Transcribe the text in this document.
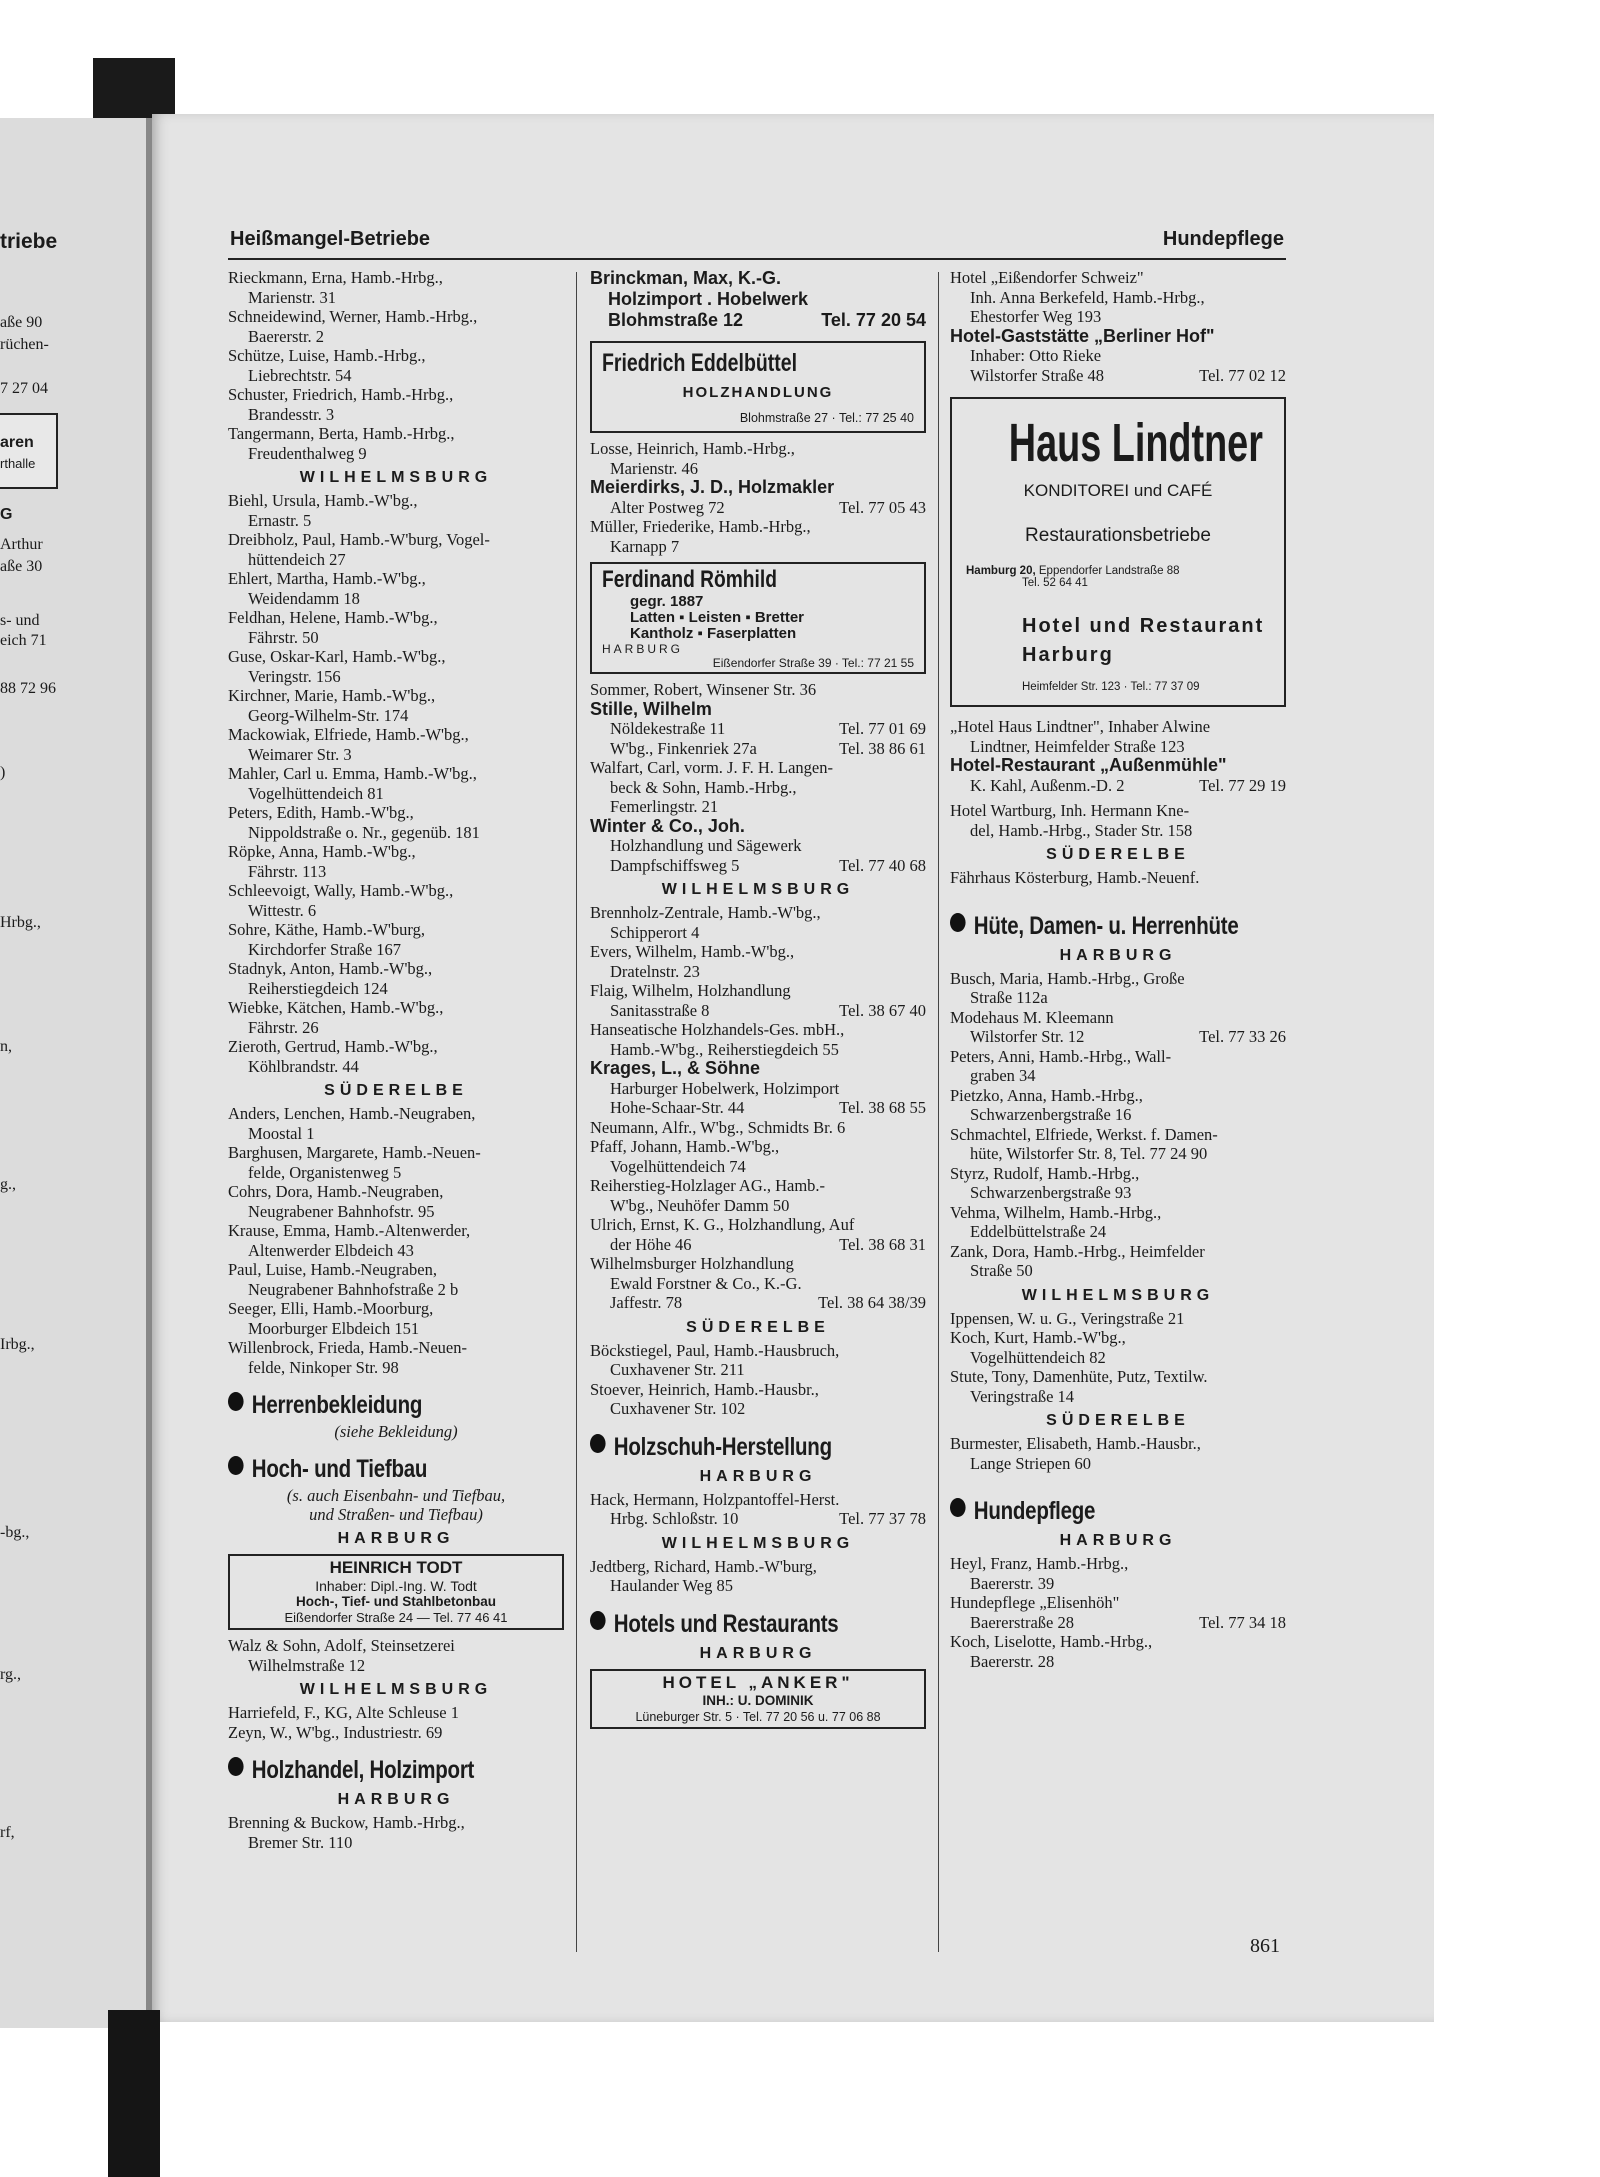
triebe
aße 90
rüchen-
7 27 04
aren
rthalle
G
Arthur
aße 30
s- und
eich 71
88 72 96
)
Hrbg.,
n,
g.,
Irbg.,
-bg.,
rg.,
rf,
Heißmangel-Betriebe	Hundepflege
Rieckmann, Erna, Hamb.-Hrbg.,
Marienstr. 31
Schneidewind, Werner, Hamb.-Hrbg.,
Baererstr. 2
Schütze, Luise, Hamb.-Hrbg.,
Liebrechtstr. 54
Schuster, Friedrich, Hamb.-Hrbg.,
Brandesstr. 3
Tangermann, Berta, Hamb.-Hrbg.,
Freudenthalweg 9
WILHELMSBURG
Biehl, Ursula, Hamb.-W'bg.,
Ernastr. 5
Dreibholz, Paul, Hamb.-W'burg, Vogel-
hüttendeich 27
Ehlert, Martha, Hamb.-W'bg.,
Weidendamm 18
Feldhan, Helene, Hamb.-W'bg.,
Fährstr. 50
Guse, Oskar-Karl, Hamb.-W'bg.,
Veringstr. 156
Kirchner, Marie, Hamb.-W'bg.,
Georg-Wilhelm-Str. 174
Mackowiak, Elfriede, Hamb.-W'bg.,
Weimarer Str. 3
Mahler, Carl u. Emma, Hamb.-W'bg.,
Vogelhüttendeich 81
Peters, Edith, Hamb.-W'bg.,
Nippoldstraße o. Nr., gegenüb. 181
Röpke, Anna, Hamb.-W'bg.,
Fährstr. 113
Schleevoigt, Wally, Hamb.-W'bg.,
Wittestr. 6
Sohre, Käthe, Hamb.-W'burg,
Kirchdorfer Straße 167
Stadnyk, Anton, Hamb.-W'bg.,
Reiherstiegdeich 124
Wiebke, Kätchen, Hamb.-W'bg.,
Fährstr. 26
Zieroth, Gertrud, Hamb.-W'bg.,
Köhlbrandstr. 44
SÜDERELBE
Anders, Lenchen, Hamb.-Neugraben,
Moostal 1
Barghusen, Margarete, Hamb.-Neuen-
felde, Organistenweg 5
Cohrs, Dora, Hamb.-Neugraben,
Neugrabener Bahnhofstr. 95
Krause, Emma, Hamb.-Altenwerder,
Altenwerder Elbdeich 43
Paul, Luise, Hamb.-Neugraben,
Neugrabener Bahnhofstraße 2 b
Seeger, Elli, Hamb.-Moorburg,
Moorburger Elbdeich 151
Willenbrock, Frieda, Hamb.-Neuen-
felde, Ninkoper Str. 98
Herrenbekleidung
(siehe Bekleidung)
Hoch- und Tiefbau
(s. auch Eisenbahn- und Tiefbau,
und Straßen- und Tiefbau)
HARBURG
HEINRICH TODT
Inhaber: Dipl.-Ing. W. Todt
Hoch-, Tief- und Stahlbetonbau
Eißendorfer Straße 24 — Tel. 77 46 41
Walz & Sohn, Adolf, Steinsetzerei
Wilhelmstraße 12
WILHELMSBURG
Harriefeld, F., KG, Alte Schleuse 1
Zeyn, W., W'bg., Industriestr. 69
Holzhandel, Holzimport
HARBURG
Brenning & Buckow, Hamb.-Hrbg.,
Bremer Str. 110
Brinckman, Max, K.-G.
Holzimport . Hobelwerk
Blohmstraße 12	Tel. 77 20 54
Friedrich Eddelbüttel
HOLZHANDLUNG
Blohmstraße 27 · Tel.: 77 25 40
Losse, Heinrich, Hamb.-Hrbg.,
Marienstr. 46
Meierdirks, J. D., Holzmakler
Alter Postweg 72	Tel. 77 05 43
Müller, Friederike, Hamb.-Hrbg.,
Karnapp 7
Ferdinand Römhild
gegr. 1887
Latten ▪ Leisten ▪ Bretter
Kantholz ▪ Faserplatten
HARBURG
Eißendorfer Straße 39 · Tel.: 77 21 55
Sommer, Robert, Winsener Str. 36
Stille, Wilhelm
Nöldekestraße 11	Tel. 77 01 69
W'bg., Finkenriek 27a	Tel. 38 86 61
Walfart, Carl, vorm. J. F. H. Langen-
beck & Sohn, Hamb.-Hrbg.,
Femerlingstr. 21
Winter & Co., Joh.
Holzhandlung und Sägewerk
Dampfschiffsweg 5	Tel. 77 40 68
WILHELMSBURG
Brennholz-Zentrale, Hamb.-W'bg.,
Schipperort 4
Evers, Wilhelm, Hamb.-W'bg.,
Dratelnstr. 23
Flaig, Wilhelm, Holzhandlung
Sanitasstraße 8	Tel. 38 67 40
Hanseatische Holzhandels-Ges. mbH.,
Hamb.-W'bg., Reiherstiegdeich 55
Krages, L., & Söhne
Harburger Hobelwerk, Holzimport
Hohe-Schaar-Str. 44	Tel. 38 68 55
Neumann, Alfr., W'bg., Schmidts Br. 6
Pfaff, Johann, Hamb.-W'bg.,
Vogelhüttendeich 74
Reiherstieg-Holzlager AG., Hamb.-
W'bg., Neuhöfer Damm 50
Ulrich, Ernst, K. G., Holzhandlung, Auf
der Höhe 46	Tel. 38 68 31
Wilhelmsburger Holzhandlung
Ewald Forstner & Co., K.-G.
Jaffestr. 78	Tel. 38 64 38/39
SÜDERELBE
Böckstiegel, Paul, Hamb.-Hausbruch,
Cuxhavener Str. 211
Stoever, Heinrich, Hamb.-Hausbr.,
Cuxhavener Str. 102
Holzschuh-Herstellung
HARBURG
Hack, Hermann, Holzpantoffel-Herst.
Hrbg. Schloßstr. 10	Tel. 77 37 78
WILHELMSBURG
Jedtberg, Richard, Hamb.-W'burg,
Haulander Weg 85
Hotels und Restaurants
HARBURG
HOTEL „ANKER"
INH.: U. DOMINIK
Lüneburger Str. 5 · Tel. 77 20 56 u. 77 06 88
Hotel „Eißendorfer Schweiz"
Inh. Anna Berkefeld, Hamb.-Hrbg.,
Ehestorfer Weg 193
Hotel-Gaststätte „Berliner Hof"
Inhaber: Otto Rieke
Wilstorfer Straße 48	Tel. 77 02 12
Haus Lindtner
KONDITOREI und CAFÉ
Restaurationsbetriebe
Hamburg 20, Eppendorfer Landstraße 88
Tel. 52 64 41
Hotel und Restaurant
Harburg
Heimfelder Str. 123 · Tel.: 77 37 09
„Hotel Haus Lindtner", Inhaber Alwine
Lindtner, Heimfelder Straße 123
Hotel-Restaurant „Außenmühle"
K. Kahl, Außenm.-D. 2	Tel. 77 29 19
Hotel Wartburg, Inh. Hermann Kne-
del, Hamb.-Hrbg., Stader Str. 158
SÜDERELBE
Fährhaus Kösterburg, Hamb.-Neuenf.
Hüte, Damen- u. Herrenhüte
HARBURG
Busch, Maria, Hamb.-Hrbg., Große
Straße 112a
Modehaus M. Kleemann
Wilstorfer Str. 12	Tel. 77 33 26
Peters, Anni, Hamb.-Hrbg., Wall-
graben 34
Pietzko, Anna, Hamb.-Hrbg.,
Schwarzenbergstraße 16
Schmachtel, Elfriede, Werkst. f. Damen-
hüte, Wilstorfer Str. 8, Tel. 77 24 90
Styrz, Rudolf, Hamb.-Hrbg.,
Schwarzenbergstraße 93
Vehma, Wilhelm, Hamb.-Hrbg.,
Eddelbüttelstraße 24
Zank, Dora, Hamb.-Hrbg., Heimfelder
Straße 50
WILHELMSBURG
Ippensen, W. u. G., Veringstraße 21
Koch, Kurt, Hamb.-W'bg.,
Vogelhüttendeich 82
Stute, Tony, Damenhüte, Putz, Textilw.
Veringstraße 14
SÜDERELBE
Burmester, Elisabeth, Hamb.-Hausbr.,
Lange Striepen 60
Hundepflege
HARBURG
Heyl, Franz, Hamb.-Hrbg.,
Baererstr. 39
Hundepflege „Elisenhöh"
Baererstraße 28	Tel. 77 34 18
Koch, Liselotte, Hamb.-Hrbg.,
Baererstr. 28
861
